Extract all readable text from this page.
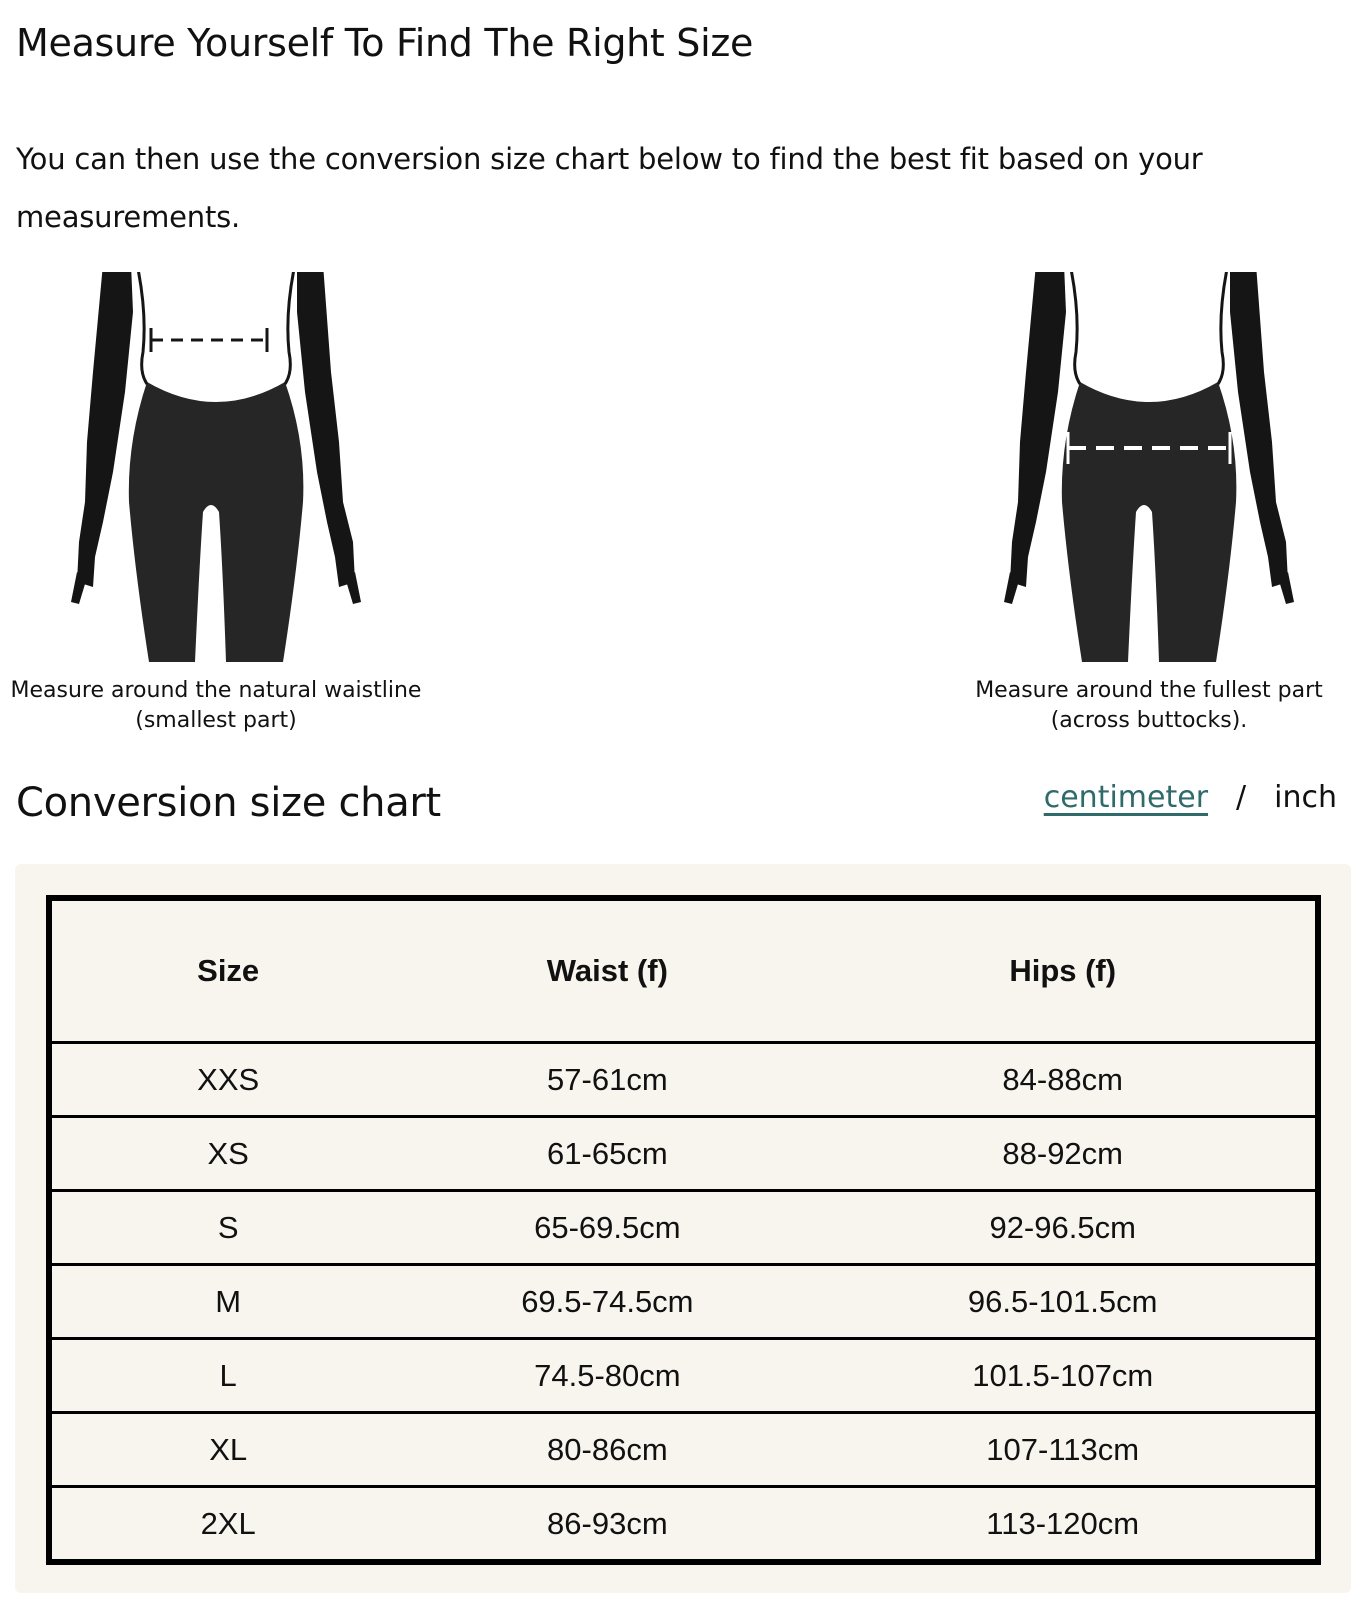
Measure Yourself To Find The Right Size

You can then use the conversion size chart below to find the best fit based on your measurements.

Measure around the natural waistline (smallest part)

Measure around the fullest part (across buttocks).

Conversion size chart	centimeter / inch
Size	Waist (f)	Hips (f)
XXS	57-61cm	84-88cm
XS	61-65cm	88-92cm
S	65-69.5cm	92-96.5cm
M	69.5-74.5cm	96.5-101.5cm
L	74.5-80cm	101.5-107cm
XL	80-86cm	107-113cm
2XL	86-93cm	113-120cm
